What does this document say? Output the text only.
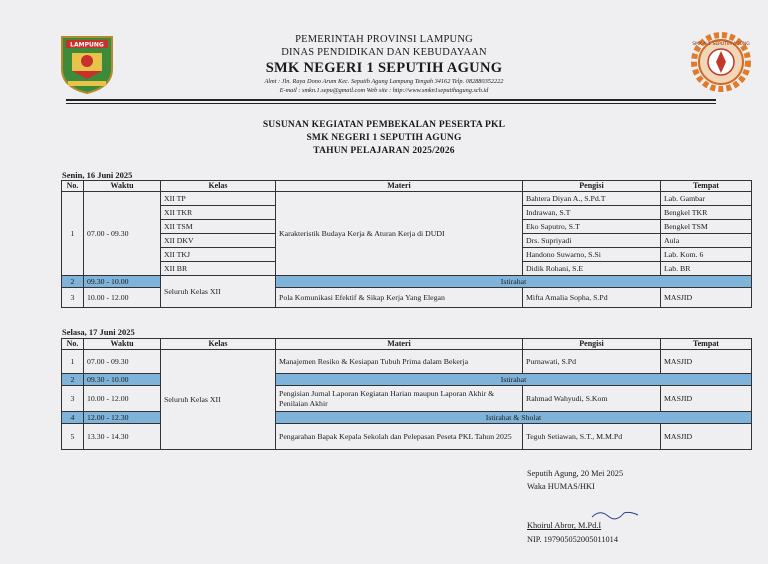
LAMPUNG	SMK N 1 SEPUTIH AGUNG
PEMERINTAH PROVINSI LAMPUNG
DINAS PENDIDIKAN DAN KEBUDAYAAN
SMK NEGERI 1 SEPUTIH AGUNG
Almt : Jln. Raya Dono Arum Kec. Seputih Agung Lampung Tengah 34162 Telp. 082880352222
E-mail : smkn.1.sepu@gmail.com Web site : http://www.smkn1seputihagung.sch.id
SUSUNAN KEGIATAN PEMBEKALAN PESERTA PKL
SMK NEGERI 1 SEPUTIH AGUNG
TAHUN PELAJARAN 2025/2026
Senin, 16 Juni 2025
No.	Waktu	Kelas	Materi	Pengisi	Tempat
1	07.00 - 09.30	XII TP	Karakteristik Budaya Kerja & Aturan Kerja di DUDI	Bahtera Diyan A., S.Pd.T	Lab. Gambar
		XII TKR		Indrawan, S.T	Bengkel TKR
		XII TSM		Eko Saputro, S.T	Bengkel TSM
		XII DKV		Drs. Supriyadi	Aula
		XII TKJ		Handono Suwarno, S.Si	Lab. Kom. 6
		XII BR		Didik Rohani, S.E	Lab. BR
2	09.30 - 10.00	Seluruh Kelas XII	Istirahat		
3	10.00 - 12.00		Pola Komunikasi Efektif & Sikap Kerja Yang Elegan	Mifta Amalia Sopha, S.Pd	MASJID
Selasa, 17 Juni 2025
No.	Waktu	Kelas	Materi	Pengisi	Tempat
1	07.00 - 09.30	Seluruh Kelas XII	Manajemen Resiko & Kesiapan Tubuh Prima dalam Bekerja	Purnawati, S.Pd	MASJID
2	09.30 - 10.00		Istirahat		
3	10.00 - 12.00		Pengisian Jurnal Laporan Kegiatan Harian maupun Laporan Akhir & Penilaian Akhir	Rahmad Wahyudi, S.Kom	MASJID
4	12.00 - 12.30		Istirahat & Sholat		
5	13.30 - 14.30		Pengarahan Bapak Kepala Sekolah dan Pelepasan Peseta PKL Tahun 2025	Teguh Setiawan, S.T., M.M.Pd	MASJID
Seputih Agung, 20 Mei 2025
Waka HUMAS/HKI
Khoirul Abror, M.Pd.I
NIP. 197905052005011014
